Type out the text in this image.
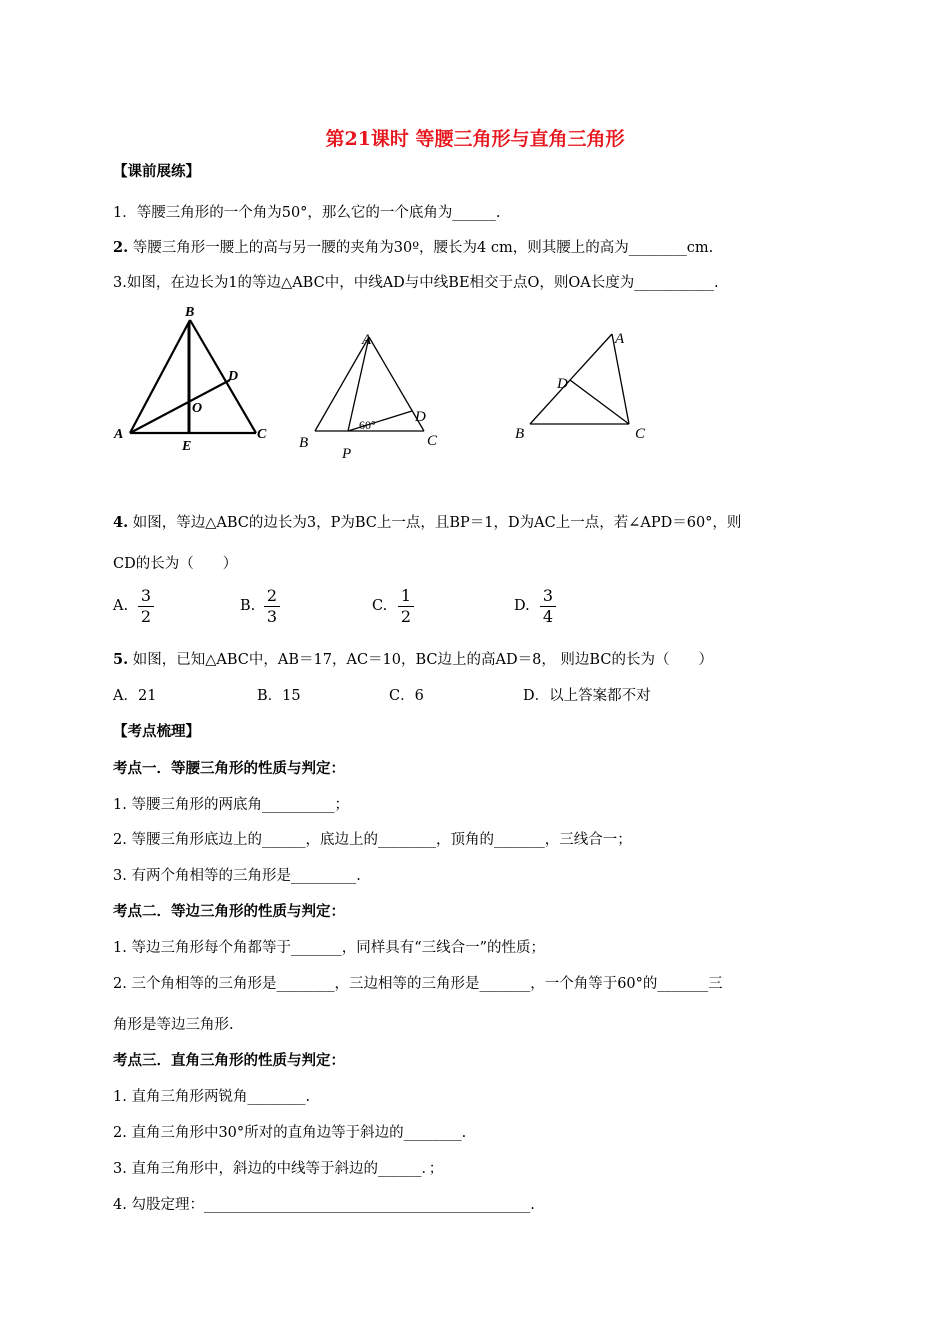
第21课时 等腰三角形与直角三角形
【课前展练】
1．等腰三角形的一个角为50°，那么它的一个底角为______.
2. 等腰三角形一腰上的高与另一腰的夹角为30º，腰长为4 cm，则其腰上的高为________cm.
3.如图，在边长为1的等边△ABC中，中线AD与中线BE相交于点O，则OA长度为___________.
B
D
O
A
E
C
A
D
60°
B
P
C
A
D
B	C
4. 如图，等边△ABC的边长为3，P为BC上一点，且BP＝1，D为AC上一点，若∠APD＝60°，则
CD的长为（　　）
A.
3
2
B.
2
3
C.
1
2
D.
3
4
5. 如图，已知△ABC中，AB＝17，AC＝10，BC边上的高AD＝8， 则边BC的长为（　　）
A．21	B．15	C．6	D．以上答案都不对
【考点梳理】
考点一．等腰三角形的性质与判定：
1. 等腰三角形的两底角__________；
2. 等腰三角形底边上的______，底边上的________，顶角的_______，三线合一；
3. 有两个角相等的三角形是_________.
考点二．等边三角形的性质与判定：
1. 等边三角形每个角都等于_______，同样具有“三线合一”的性质；
2. 三个角相等的三角形是________，三边相等的三角形是_______，一个角等于60°的_______三
角形是等边三角形.
考点三．直角三角形的性质与判定：
1. 直角三角形两锐角________.
2. 直角三角形中30°所对的直角边等于斜边的________.
3. 直角三角形中，斜边的中线等于斜边的______．；
4. 勾股定理：_____________________________________________.
